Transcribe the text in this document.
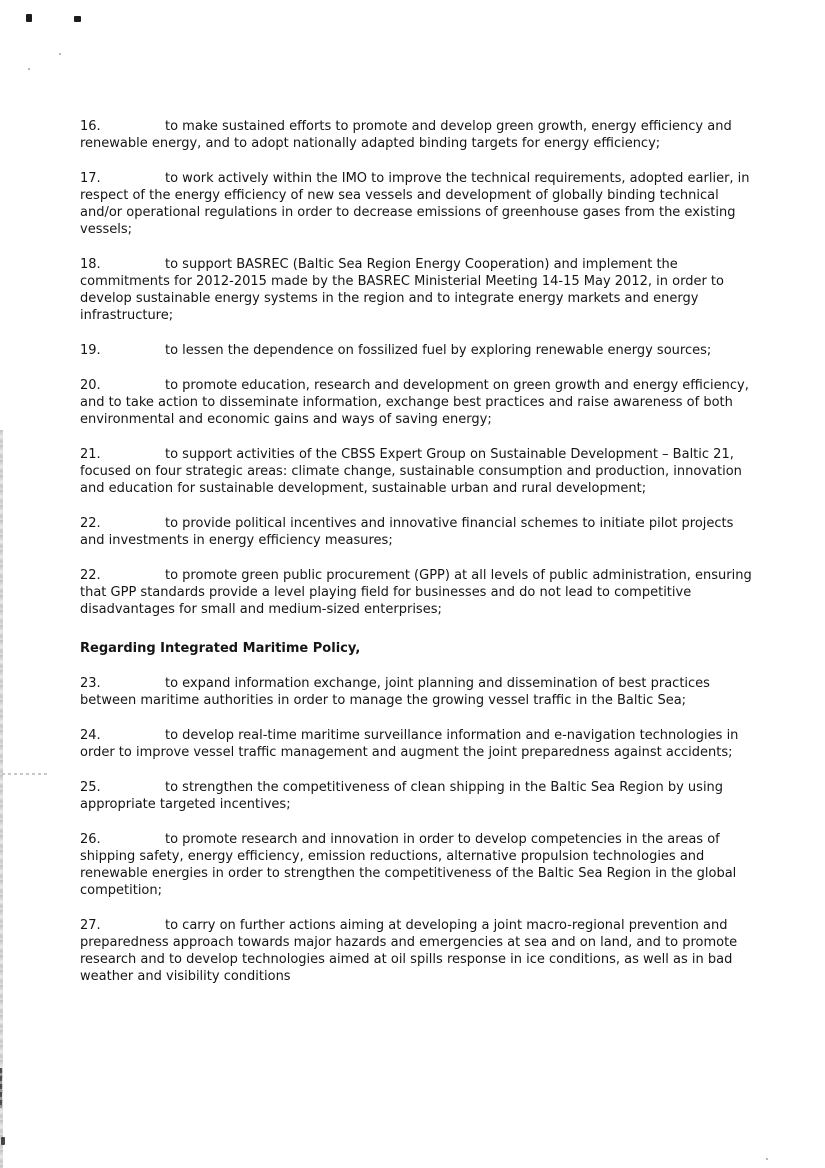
16.	to make sustained efforts to promote and develop green growth, energy efficiency and renewable energy, and to adopt nationally adapted binding targets for energy efficiency;

17.	to work actively within the IMO to improve the technical requirements, adopted earlier, in respect of the energy efficiency of new sea vessels and development of globally binding technical and/or operational regulations in order to decrease emissions of greenhouse gases from the existing vessels;

18.	to support BASREC (Baltic Sea Region Energy Cooperation) and implement the commitments for 2012-2015 made by the BASREC Ministerial Meeting 14-15 May 2012, in order to develop sustainable energy systems in the region and to integrate energy markets and energy infrastructure;

19.	to lessen the dependence on fossilized fuel by exploring renewable energy sources;

20.	to promote education, research and development on green growth and energy efficiency, and to take action to disseminate information, exchange best practices and raise awareness of both environmental and economic gains and ways of saving energy;

21.	to support activities of the CBSS Expert Group on Sustainable Development – Baltic 21, focused on four strategic areas: climate change, sustainable consumption and production, innovation and education for sustainable development, sustainable urban and rural development;

22.	to provide political incentives and innovative financial schemes to initiate pilot projects and investments in energy efficiency measures;

22.	to promote green public procurement (GPP) at all levels of public administration, ensuring that GPP standards provide a level playing field for businesses and do not lead to competitive disadvantages for small and medium-sized enterprises;

Regarding Integrated Maritime Policy,

23.	to expand information exchange, joint planning and dissemination of best practices between maritime authorities in order to manage the growing vessel traffic in the Baltic Sea;

24.	to develop real-time maritime surveillance information and e-navigation technologies in order to improve vessel traffic management and augment the joint preparedness against accidents;

25.	to strengthen the competitiveness of clean shipping in the Baltic Sea Region by using appropriate targeted incentives;

26.	to promote research and innovation in order to develop competencies in the areas of shipping safety, energy efficiency, emission reductions, alternative propulsion technologies and renewable energies in order to strengthen the competitiveness of the Baltic Sea Region in the global competition;

27.	to carry on further actions aiming at developing a joint macro-regional prevention and preparedness approach towards major hazards and emergencies at sea and on land, and to promote research and to develop technologies aimed at oil spills response in ice conditions, as well as in bad weather and visibility conditions
